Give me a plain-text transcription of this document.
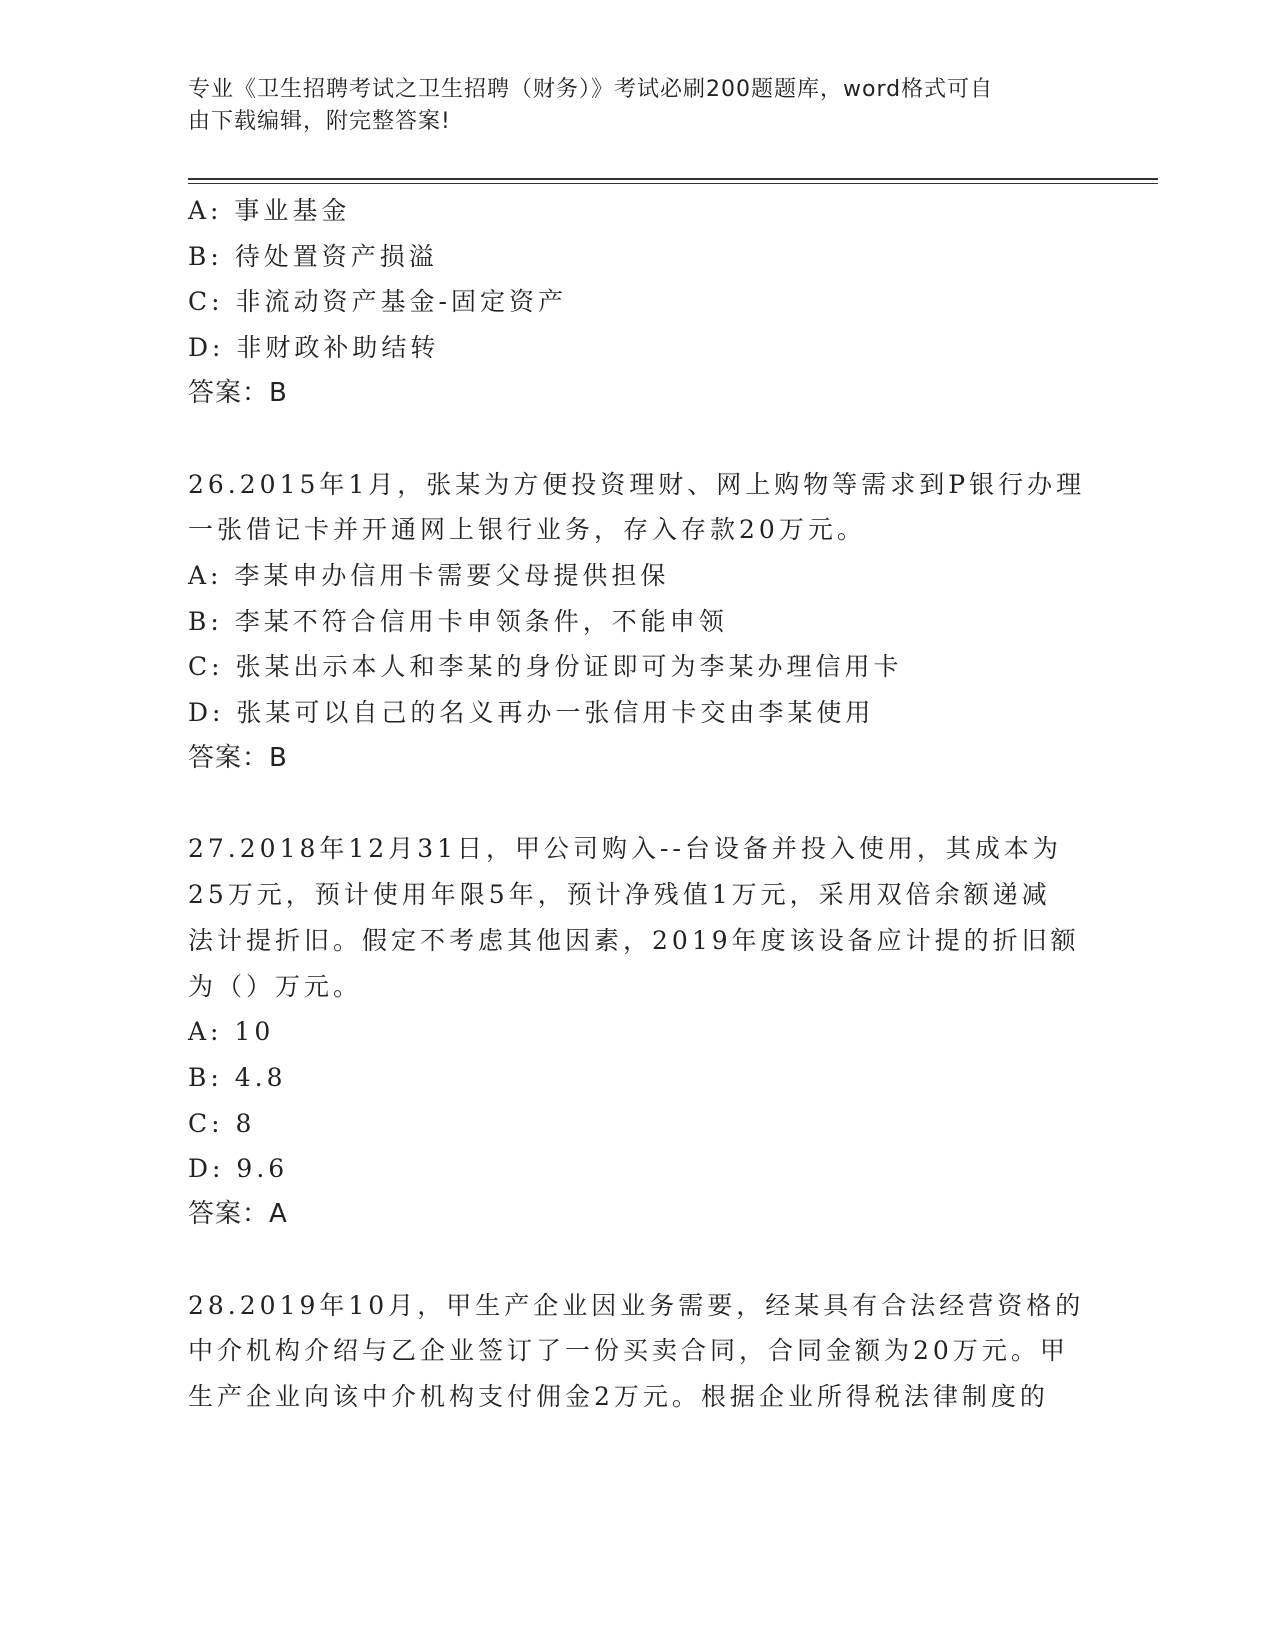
专业《卫生招聘考试之卫生招聘（财务）》考试必刷200题题库，word格式可自
由下载编辑，附完整答案!
A: 事业基金
B: 待处置资产损溢
C: 非流动资产基金-固定资产
D: 非财政补助结转
答案：B
26.2015年1月，张某为方便投资理财、网上购物等需求到P银行办理
一张借记卡并开通网上银行业务，存入存款20万元。
A: 李某申办信用卡需要父母提供担保
B: 李某不符合信用卡申领条件，不能申领
C: 张某出示本人和李某的身份证即可为李某办理信用卡
D: 张某可以自己的名义再办一张信用卡交由李某使用
答案：B
27.2018年12月31日，甲公司购入--台设备并投入使用，其成本为
25万元，预计使用年限5年，预计净残值1万元，采用双倍余额递减
法计提折旧。假定不考虑其他因素，2019年度该设备应计提的折旧额
为（）万元。
A: 10
B: 4.8
C: 8
D: 9.6
答案：A
28.2019年10月，甲生产企业因业务需要，经某具有合法经营资格的
中介机构介绍与乙企业签订了一份买卖合同，合同金额为20万元。甲
生产企业向该中介机构支付佣金2万元。根据企业所得税法律制度的
